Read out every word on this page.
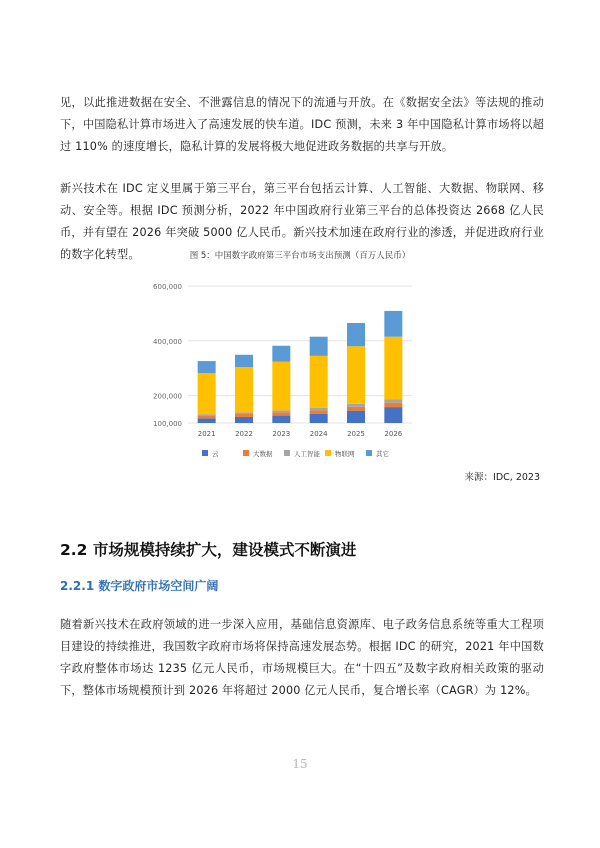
见，以此推进数据在安全、不泄露信息的情况下的流通与开放。在《数据安全法》等法规的推动下，中国隐私计算市场进入了高速发展的快车道。IDC 预测，未来 3 年中国隐私计算市场将以超过 110% 的速度增长，隐私计算的发展将极大地促进政务数据的共享与开放。

新兴技术在 IDC 定义里属于第三平台，第三平台包括云计算、人工智能、大数据、物联网、移动、安全等。根据 IDC 预测分析，2022 年中国政府行业第三平台的总体投资达 2668 亿人民币，并有望在 2026 年突破 5000 亿人民币。新兴技术加速在政府行业的渗透，并促进政府行业的数字化转型。	图 5：中国数字政府第三平台市场支出预测（百万人民币）
100,000
200,000
400,000
600,000
2021	2022	2023	2024	2025	2026
云	大数据	人工智能 物联网	其它
来源：IDC, 2023
2.2 市场规模持续扩大，建设模式不断演进
2.2.1 数字政府市场空间广阔

随着新兴技术在政府领域的进一步深入应用，基础信息资源库、电子政务信息系统等重大工程项目建设的持续推进，我国数字政府市场将保持高速发展态势。根据 IDC 的研究，2021 年中国数字政府整体市场达 1235 亿元人民币，市场规模巨大。在“十四五”及数字政府相关政策的驱动下，整体市场规模预计到 2026 年将超过 2000 亿元人民币，复合增长率（CAGR）为 12%。

15
